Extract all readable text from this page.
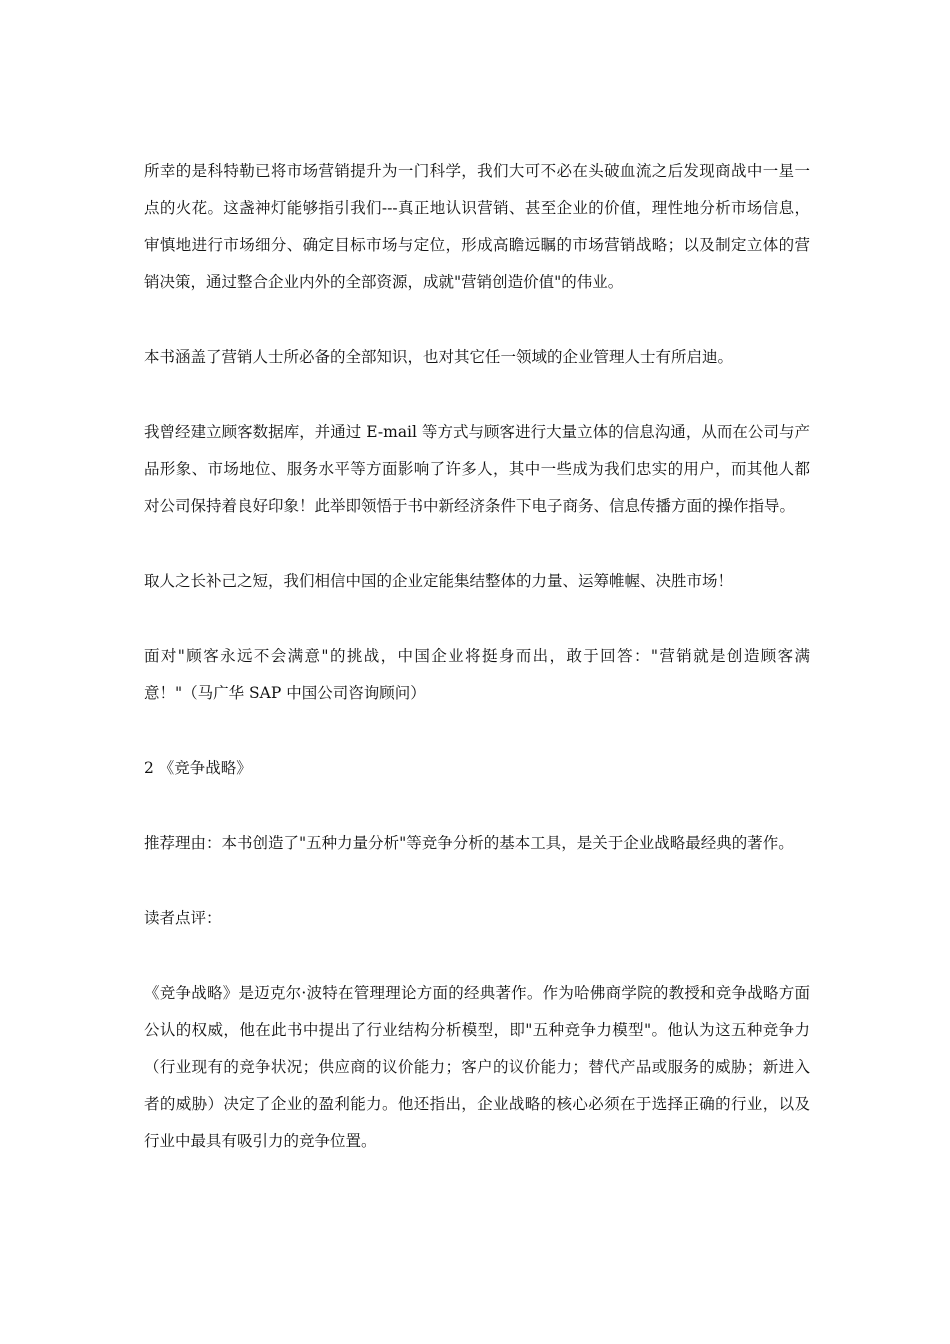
所幸的是科特勒已将市场营销提升为一门科学，我们大可不必在头破血流之后发现商战中一星一点的火花。这盏神灯能够指引我们---真正地认识营销、甚至企业的价值，理性地分析市场信息，审慎地进行市场细分、确定目标市场与定位，形成高瞻远瞩的市场营销战略；以及制定立体的营销决策，通过整合企业内外的全部资源，成就"营销创造价值"的伟业。

本书涵盖了营销人士所必备的全部知识，也对其它任一领域的企业管理人士有所启迪。

我曾经建立顾客数据库，并通过 E-mail 等方式与顾客进行大量立体的信息沟通，从而在公司与产品形象、市场地位、服务水平等方面影响了许多人，其中一些成为我们忠实的用户，而其他人都对公司保持着良好印象！此举即领悟于书中新经济条件下电子商务、信息传播方面的操作指导。

取人之长补己之短，我们相信中国的企业定能集结整体的力量、运筹帷幄、决胜市场！

面对"顾客永远不会满意"的挑战，中国企业将挺身而出，敢于回答："营销就是创造顾客满意！"（马广华 SAP 中国公司咨询顾问）

2 《竞争战略》

推荐理由：本书创造了"五种力量分析"等竞争分析的基本工具，是关于企业战略最经典的著作。

读者点评：

《竞争战略》是迈克尔·波特在管理理论方面的经典著作。作为哈佛商学院的教授和竞争战略方面公认的权威，他在此书中提出了行业结构分析模型，即"五种竞争力模型"。他认为这五种竞争力（行业现有的竞争状况；供应商的议价能力；客户的议价能力；替代产品或服务的威胁；新进入者的威胁）决定了企业的盈利能力。他还指出，企业战略的核心必须在于选择正确的行业，以及行业中最具有吸引力的竞争位置。
